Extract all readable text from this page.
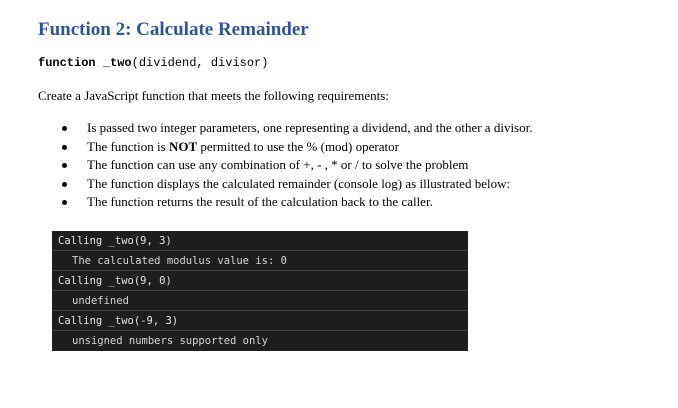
Function 2: Calculate Remainder
function _two(dividend, divisor)
Create a JavaScript function that meets the following requirements:
Is passed two integer parameters, one representing a dividend, and the other a divisor.
The function is NOT permitted to use the % (mod) operator
The function can use any combination of +, - , * or / to solve the problem
The function displays the calculated remainder (console log) as illustrated below:
The function returns the result of the calculation back to the caller.
Calling _two(9, 3)
The calculated modulus value is: 0
Calling _two(9, 0)
undefined
Calling _two(-9, 3)
unsigned numbers supported only
